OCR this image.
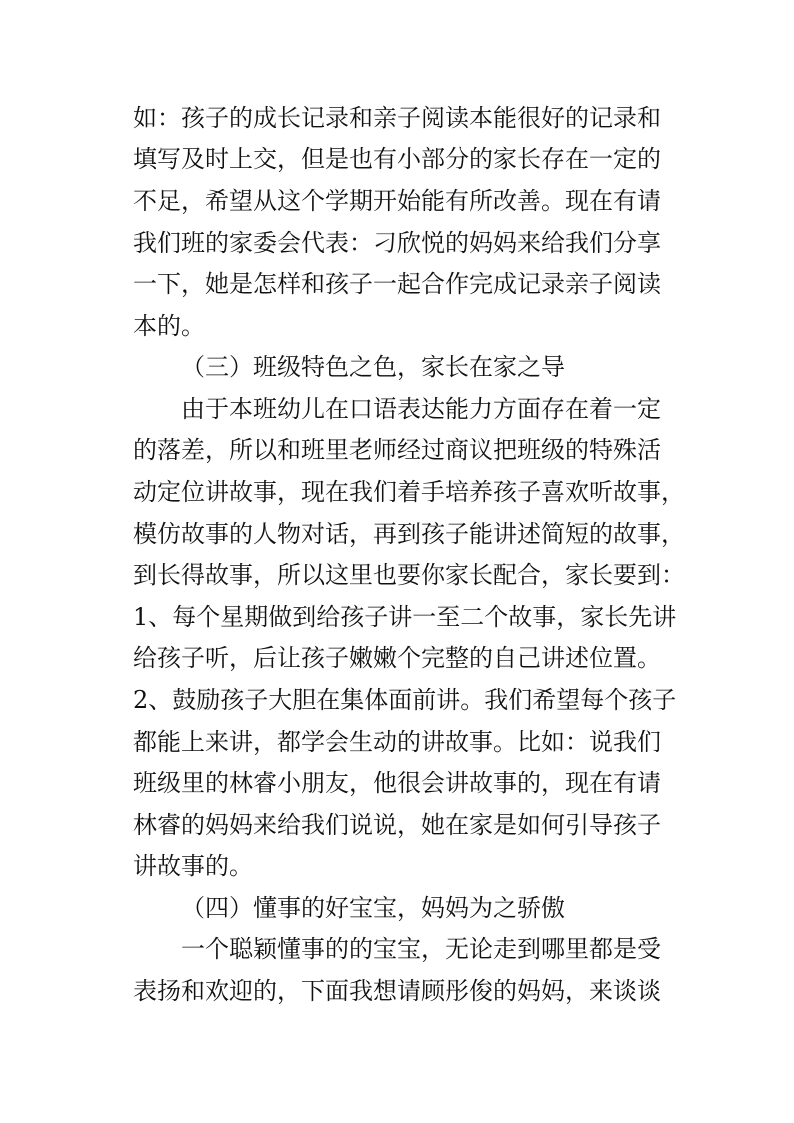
如：孩子的成长记录和亲子阅读本能很好的记录和
填写及时上交，但是也有小部分的家长存在一定的
不足，希望从这个学期开始能有所改善。现在有请
我们班的家委会代表：刁欣悦的妈妈来给我们分享
一下，她是怎样和孩子一起合作完成记录亲子阅读
本的。
（三）班级特色之色，家长在家之导
由于本班幼儿在口语表达能力方面存在着一定
的落差，所以和班里老师经过商议把班级的特殊活
动定位讲故事，现在我们着手培养孩子喜欢听故事，
模仿故事的人物对话，再到孩子能讲述简短的故事，
到长得故事，所以这里也要你家长配合，家长要到：
1、每个星期做到给孩子讲一至二个故事，家长先讲
给孩子听，后让孩子嫩嫩个完整的自己讲述位置。
2、鼓励孩子大胆在集体面前讲。我们希望每个孩子
都能上来讲，都学会生动的讲故事。比如：说我们
班级里的林睿小朋友，他很会讲故事的，现在有请
林睿的妈妈来给我们说说，她在家是如何引导孩子
讲故事的。
（四）懂事的好宝宝，妈妈为之骄傲
一个聪颖懂事的的宝宝，无论走到哪里都是受
表扬和欢迎的，下面我想请顾彤俊的妈妈，来谈谈
